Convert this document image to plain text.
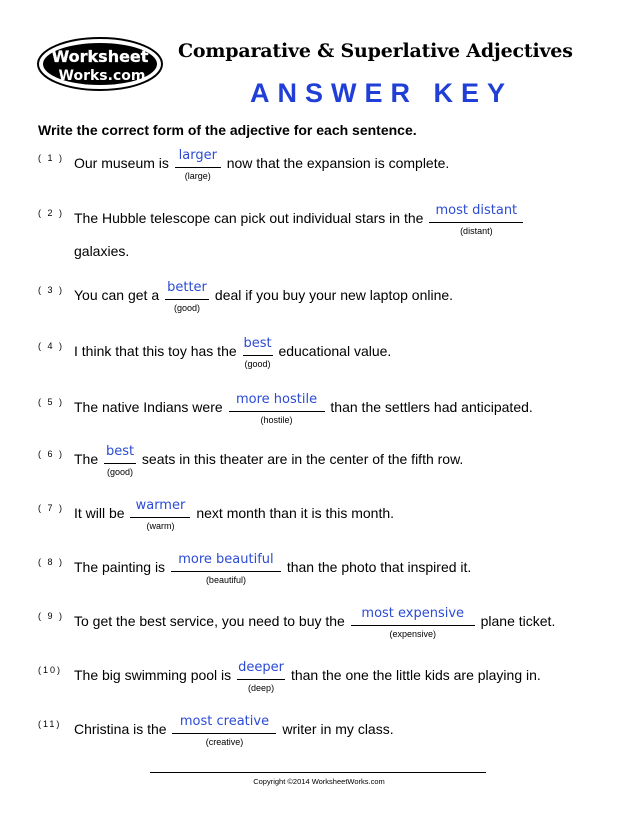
Worksheet
Works.com
Comparative & Superlative Adjectives
ANSWER KEY
Write the correct form of the adjective for each sentence.
( 1 ) Our museum is larger
(large)
now that the expansion is complete.
( 2 ) The Hubble telescope can pick out individual stars in the most distant
(distant)
galaxies.
( 3 ) You can get a better
(good)
deal if you buy your new laptop online.
( 4 ) I think that this toy has the best
(good)
educational value.
( 5 ) The native Indians were	more hostile
(hostile)
than the settlers had anticipated.
( 6 ) The best
(good)
seats in this theater are in the center of the fifth row.
( 7 ) It will be warmer
(warm)
next month than it is this month.
( 8 ) The painting is	more beautiful
(beautiful)
than the photo that inspired it.
( 9 ) To get the best service, you need to buy the	most expensive
(expensive)
plane ticket.
(10) The big swimming pool is deeper
(deep)
than the one the little kids are playing in.
(11) Christina is the	most creative
(creative)
writer in my class.
Copyright ©2014 WorksheetWorks.com
